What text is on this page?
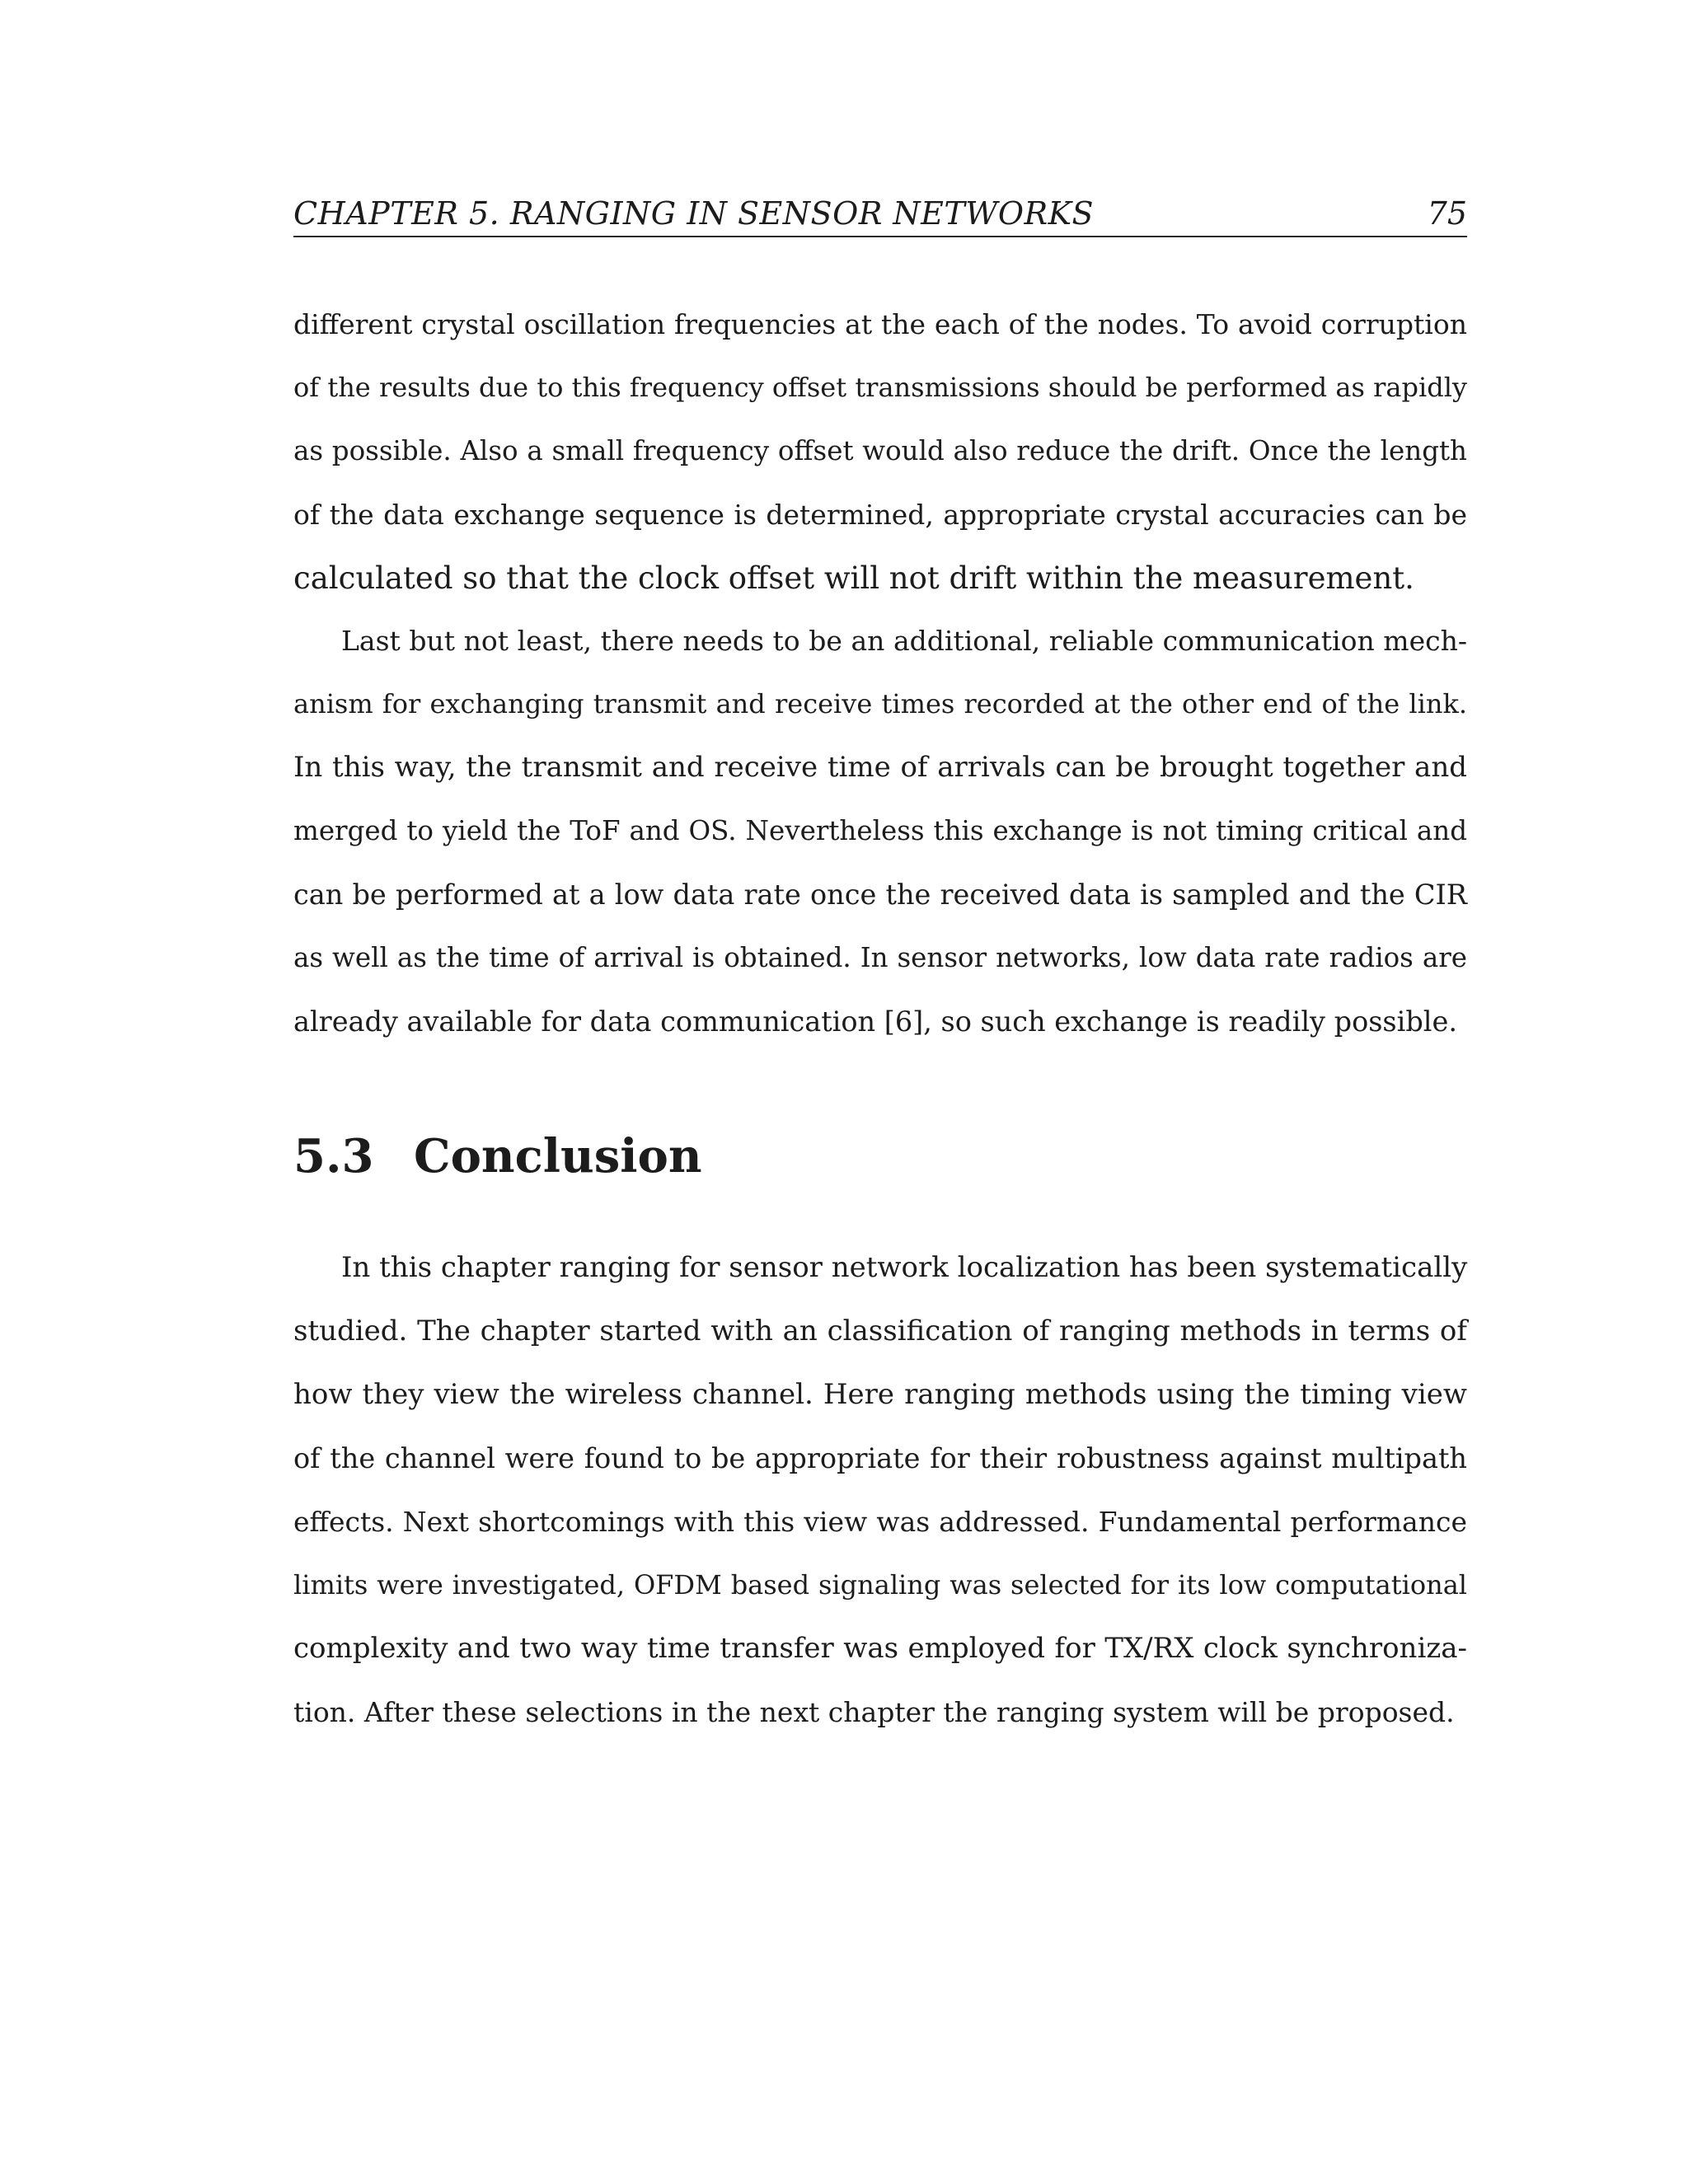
CHAPTER 5. RANGING IN SENSOR NETWORKS	75
different crystal oscillation frequencies at the each of the nodes. To avoid corruption
of the results due to this frequency offset transmissions should be performed as rapidly
as possible. Also a small frequency offset would also reduce the drift. Once the length
of the data exchange sequence is determined, appropriate crystal accuracies can be
calculated so that the clock offset will not drift within the measurement.
Last but not least, there needs to be an additional, reliable communication mech-
anism for exchanging transmit and receive times recorded at the other end of the link.
In this way, the transmit and receive time of arrivals can be brought together and
merged to yield the ToF and OS. Nevertheless this exchange is not timing critical and
can be performed at a low data rate once the received data is sampled and the CIR
as well as the time of arrival is obtained. In sensor networks, low data rate radios are
already available for data communication [6], so such exchange is readily possible.
5.3 Conclusion
In this chapter ranging for sensor network localization has been systematically
studied. The chapter started with an classification of ranging methods in terms of
how they view the wireless channel. Here ranging methods using the timing view
of the channel were found to be appropriate for their robustness against multipath
effects. Next shortcomings with this view was addressed. Fundamental performance
limits were investigated, OFDM based signaling was selected for its low computational
complexity and two way time transfer was employed for TX/RX clock synchroniza-
tion. After these selections in the next chapter the ranging system will be proposed.
